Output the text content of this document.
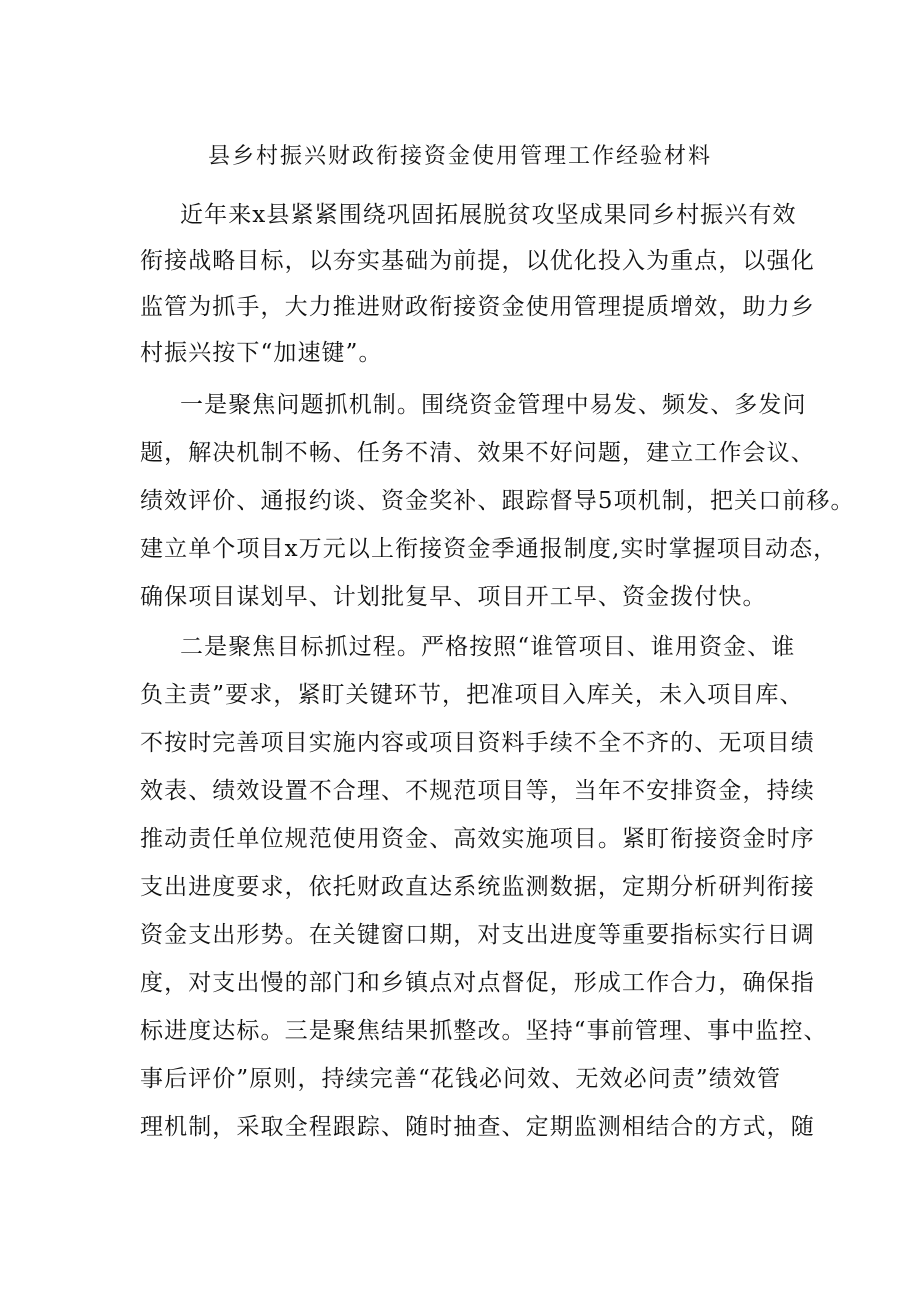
县乡村振兴财政衔接资金使用管理工作经验材料
近年来x县紧紧围绕巩固拓展脱贫攻坚成果同乡村振兴有效
衔接战略目标，以夯实基础为前提，以优化投入为重点，以强化
监管为抓手，大力推进财政衔接资金使用管理提质增效，助力乡
村振兴按下“加速键”。
一是聚焦问题抓机制。围绕资金管理中易发、频发、多发问
题，解决机制不畅、任务不清、效果不好问题，建立工作会议、
绩效评价、通报约谈、资金奖补、跟踪督导5项机制，把关口前移。
建立单个项目x万元以上衔接资金季通报制度,实时掌握项目动态，
确保项目谋划早、计划批复早、项目开工早、资金拨付快。
二是聚焦目标抓过程。严格按照“谁管项目、谁用资金、谁
负主责”要求，紧盯关键环节，把准项目入库关，未入项目库、
不按时完善项目实施内容或项目资料手续不全不齐的、无项目绩
效表、绩效设置不合理、不规范项目等，当年不安排资金，持续
推动责任单位规范使用资金、高效实施项目。紧盯衔接资金时序
支出进度要求，依托财政直达系统监测数据，定期分析研判衔接
资金支出形势。在关键窗口期，对支出进度等重要指标实行日调
度，对支出慢的部门和乡镇点对点督促，形成工作合力，确保指
标进度达标。三是聚焦结果抓整改。坚持“事前管理、事中监控、
事后评价”原则，持续完善“花钱必问效、无效必问责”绩效管
理机制，采取全程跟踪、随时抽查、定期监测相结合的方式，随
